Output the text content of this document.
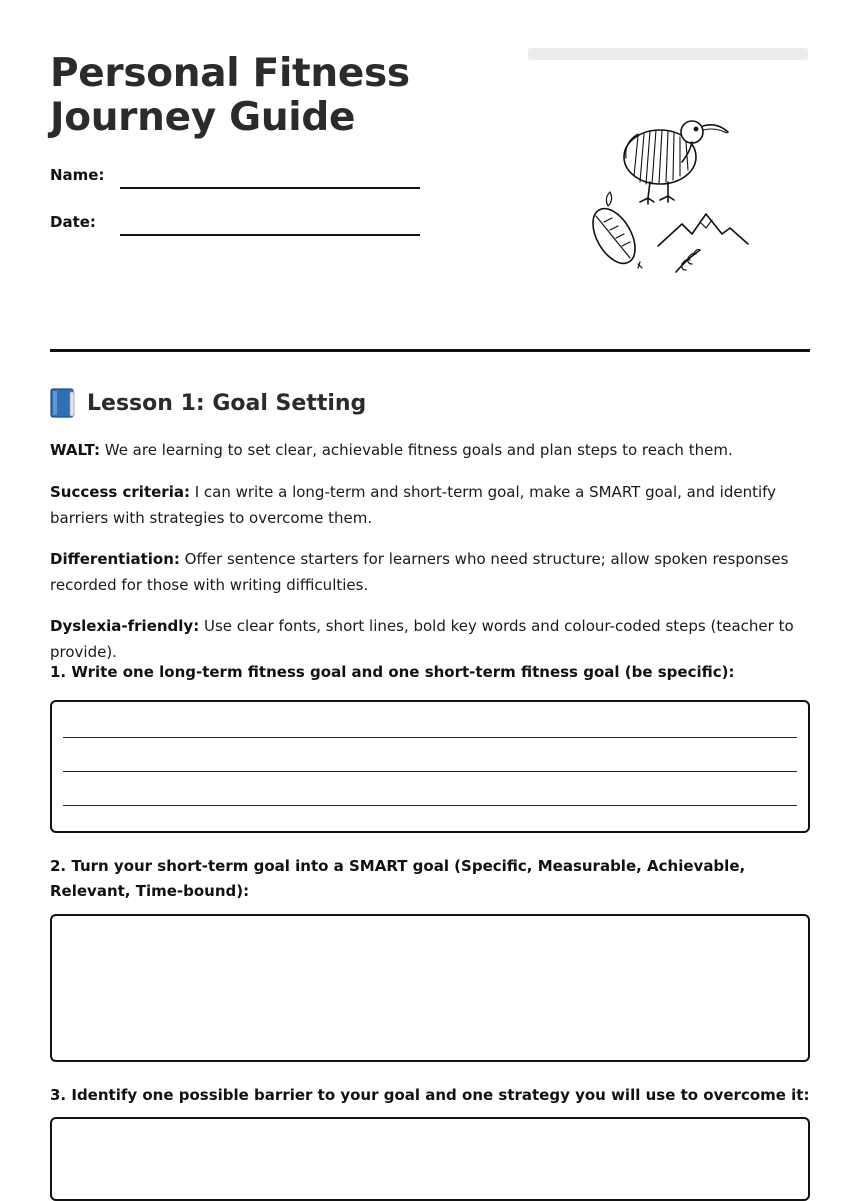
Personal Fitness
Journey Guide
Name:
Date:
Lesson 1: Goal Setting

WALT: We are learning to set clear, achievable fitness goals and plan steps to reach them.

Success criteria: I can write a long-term and short-term goal, make a SMART goal, and identify barriers with strategies to overcome them.

Differentiation: Offer sentence starters for learners who need structure; allow spoken responses recorded for those with writing difficulties.

Dyslexia-friendly: Use clear fonts, short lines, bold key words and colour-coded steps (teacher to provide).

1. Write one long-term fitness goal and one short-term fitness goal (be specific):

2. Turn your short-term goal into a SMART goal (Specific, Measurable, Achievable, Relevant, Time-bound):

3. Identify one possible barrier to your goal and one strategy you will use to overcome it:
